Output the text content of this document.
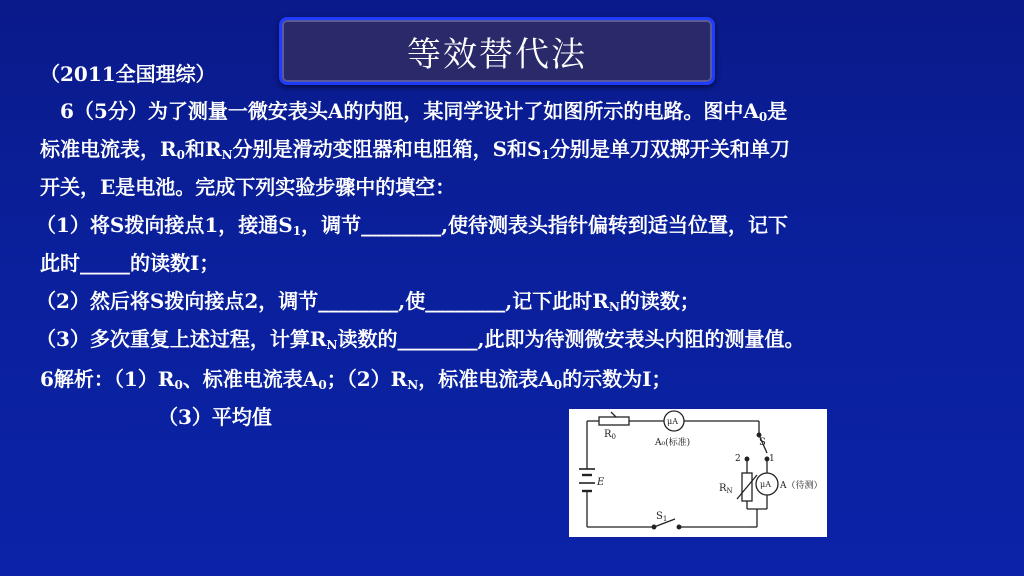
等效替代法
（2011全国理综）
6（5分）为了测量一微安表头A的内阻，某同学设计了如图所示的电路。图中$A_0$是
标准电流表，$R_0$和$R_N$分别是滑动变阻器和电阻箱，S和$S_1$分别是单刀双掷开关和单刀
开关，E是电池。完成下列实验步骤中的填空：
（1）将S拨向接点1，接通$S_1$，调节________,使待测表头指针偏转到适当位置，记下
此时_____的读数I；
（2）然后将S拨向接点2，调节________,使________,记下此时$R_N$的读数；
（3）多次重复上述过程，计算$R_N$读数的________,此即为待测微安表头内阻的测量值。
6解析：$(1)R_0$、标准电流表$A_0$；$(2)R_N$，标准电流表$A_0$的示数为I；
（3）平均值
$R_0$
μA
A₀(标准)
E
$S_1$
S
1
2
$R_N$
μA A（待测）
